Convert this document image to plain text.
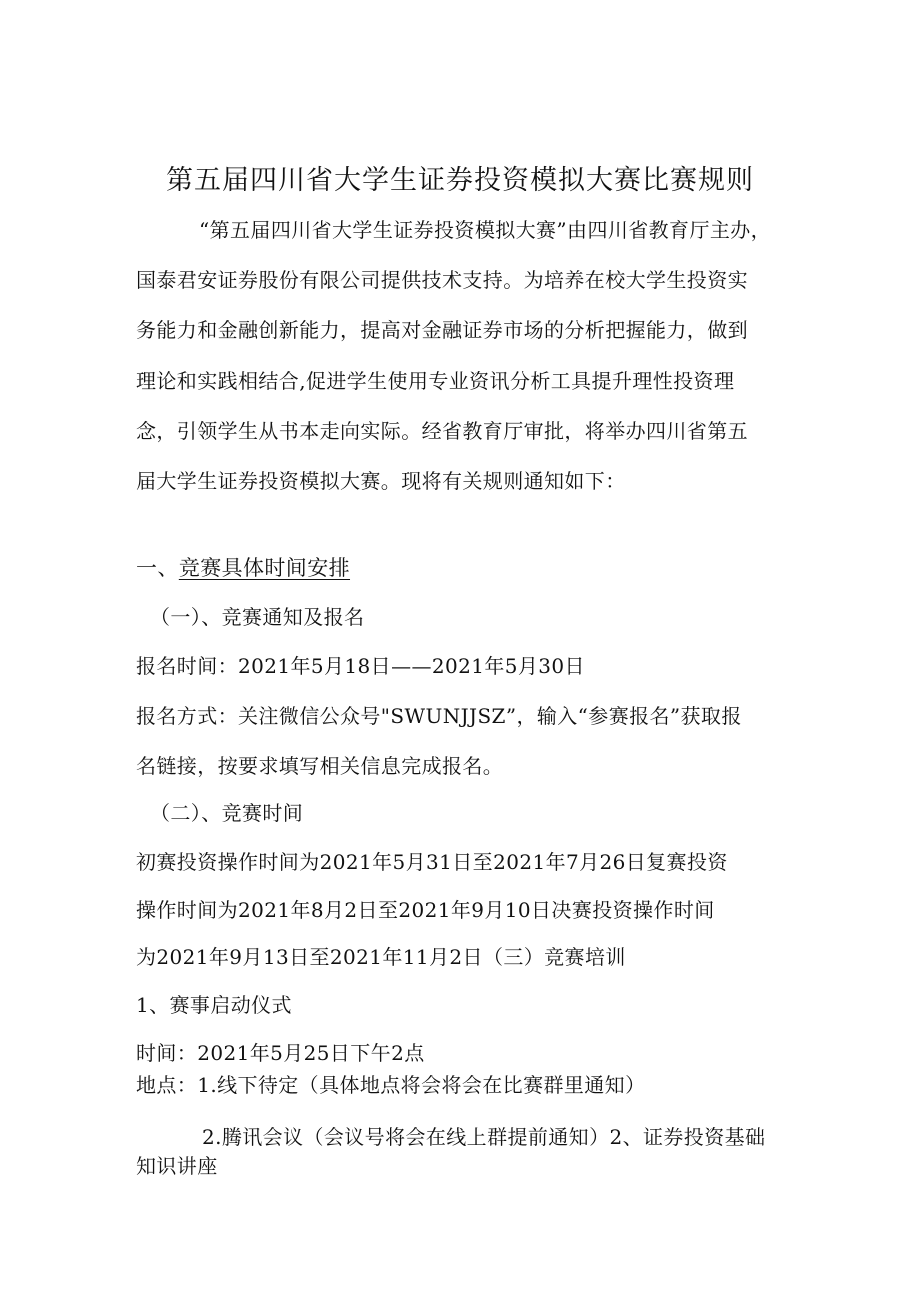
第五届四川省大学生证券投资模拟大赛比赛规则
“第五届四川省大学生证券投资模拟大赛”由四川省教育厅主办，
国泰君安证券股份有限公司提供技术支持。为培养在校大学生投资实
务能力和金融创新能力，提高对金融证券市场的分析把握能力，做到
理论和实践相结合,促进学生使用专业资讯分析工具提升理性投资理
念，引领学生从书本走向实际。经省教育厅审批，将举办四川省第五
届大学生证券投资模拟大赛。现将有关规则通知如下：
一、竞赛具体时间安排
（一）、竞赛通知及报名
报名时间：2021年5月18日——2021年5月30日
报名方式：关注微信公众号"SWUNJJSZ”，输入“参赛报名”获取报
名链接，按要求填写相关信息完成报名。
（二）、竞赛时间
初赛投资操作时间为2021年5月31日至2021年7月26日复赛投资
操作时间为2021年8月2日至2021年9月10日决赛投资操作时间
为2021年9月13日至2021年11月2日（三）竞赛培训
1、赛事启动仪式
时间：2021年5月25日下午2点
地点：1.线下待定（具体地点将会将会在比赛群里通知）
2.腾讯会议（会议号将会在线上群提前通知）2、证券投资基础
知识讲座
